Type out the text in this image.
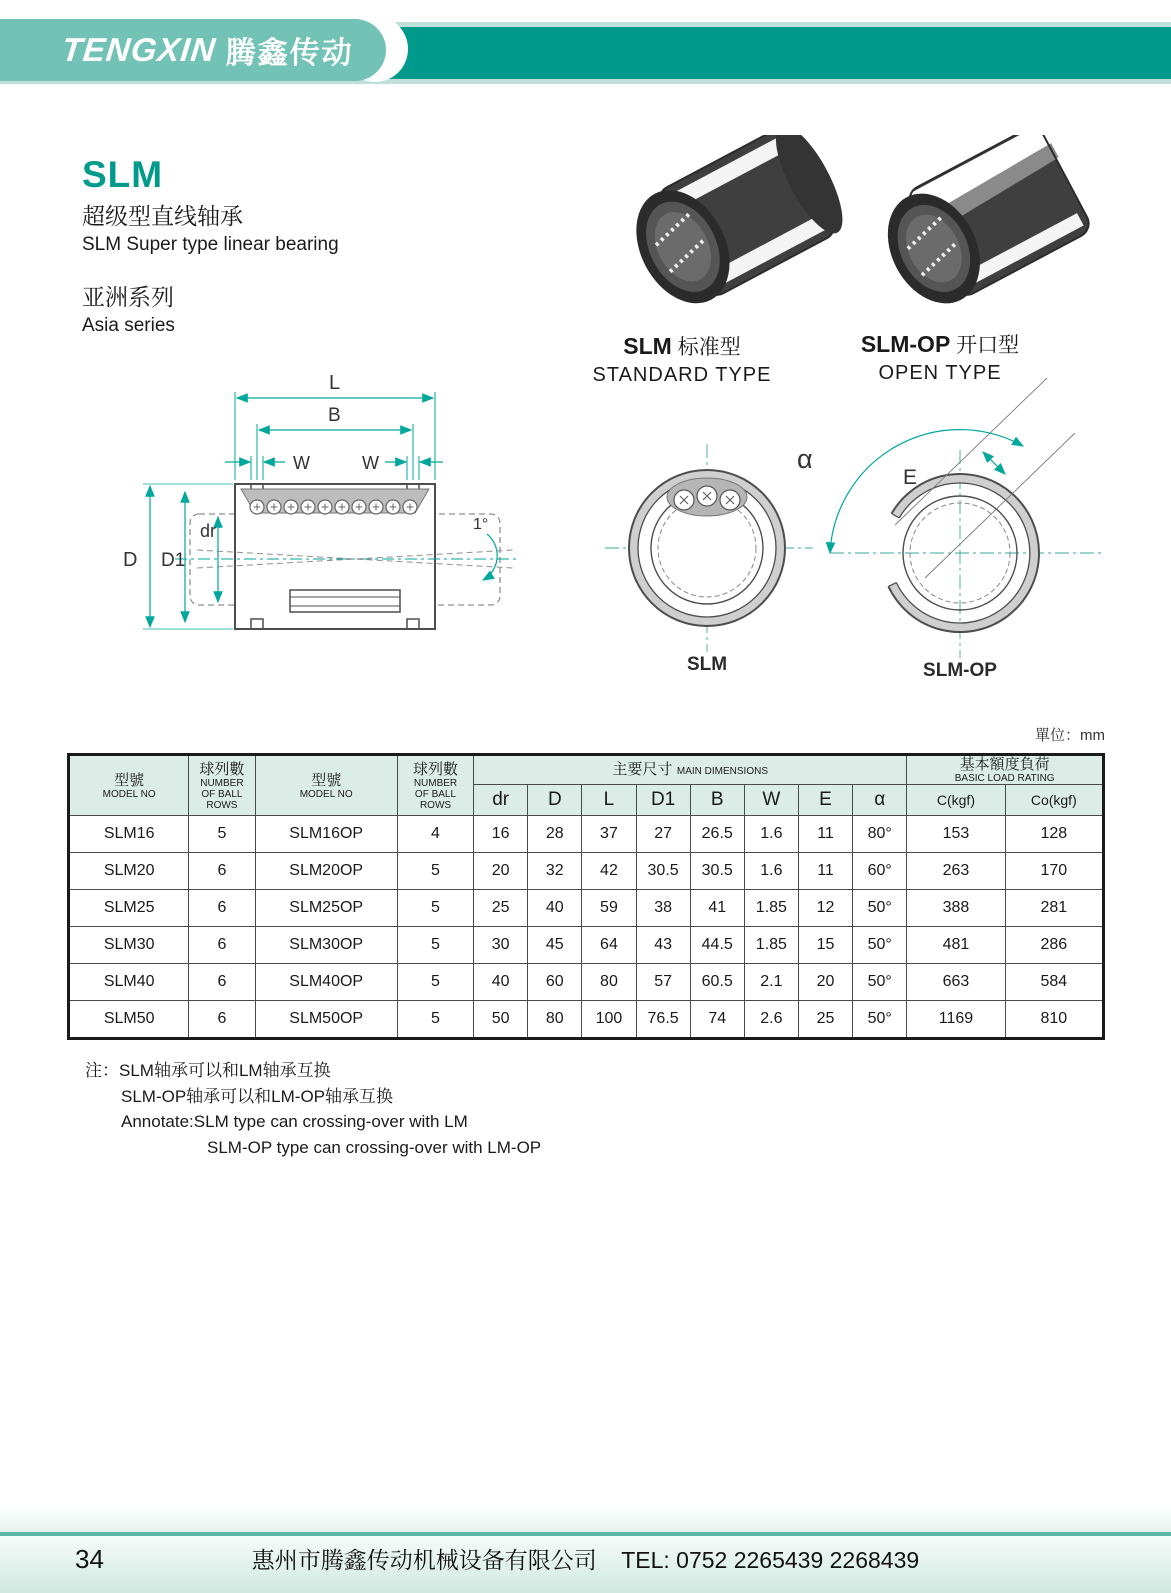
TENGXIN 腾鑫传动
SLM
超级型直线轴承
SLM Super type linear bearing
亚洲系列
Asia series
SLM 标准型
STANDARD TYPE
SLM-OP 开口型
OPEN TYPE
1°
L
B
W	W
D D1
dr
SLM
α
E
SLM-OP
單位：mm
型號
MODEL NO

球列數
NUMBER
OF BALL
ROWS

型號
MODEL NO

球列數
NUMBER
OF BALL
ROWS
	主要尺寸 MAIN DIMENSIONS	基本額度負荷
BASIC LOAD RATING

				dr	D	L	D1	B	W	E	α	C(kgf)	Co(kgf)
SLM16	5	SLM16OP	4	16	28	37	27	26.5	1.6	11	80°	153	128
SLM20	6	SLM20OP	5	20	32	42	30.5	30.5	1.6	11	60°	263	170
SLM25	6	SLM25OP	5	25	40	59	38	41	1.85	12	50°	388	281
SLM30	6	SLM30OP	5	30	45	64	43	44.5	1.85	15	50°	481	286
SLM40	6	SLM40OP	5	40	60	80	57	60.5	2.1	20	50°	663	584
SLM50	6	SLM50OP	5	50	80	100	76.5	74	2.6	25	50°	1169	810
注：SLM轴承可以和LM轴承互换
SLM-OP轴承可以和LM-OP轴承互换
Annotate:SLM type can crossing-over with LM
SLM-OP type can crossing-over with LM-OP
34	惠州市腾鑫传动机械设备有限公司 TEL: 0752 2265439 2268439
